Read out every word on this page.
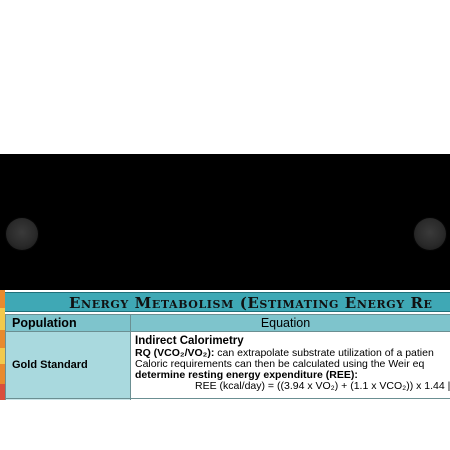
Energy Metabolism (Estimating Energy Re
Population	Equation
Gold Standard	Indirect Calorimetry
RQ (VCO₂/VO₂): can extrapolate substrate utilization of a patien
Caloric requirements can then be calculated using the Weir eq
determine resting energy expenditure (REE):
REE (kcal/day) = ((3.94 x VO₂) + (1.1 x VCO₂)) x 1.44 |
